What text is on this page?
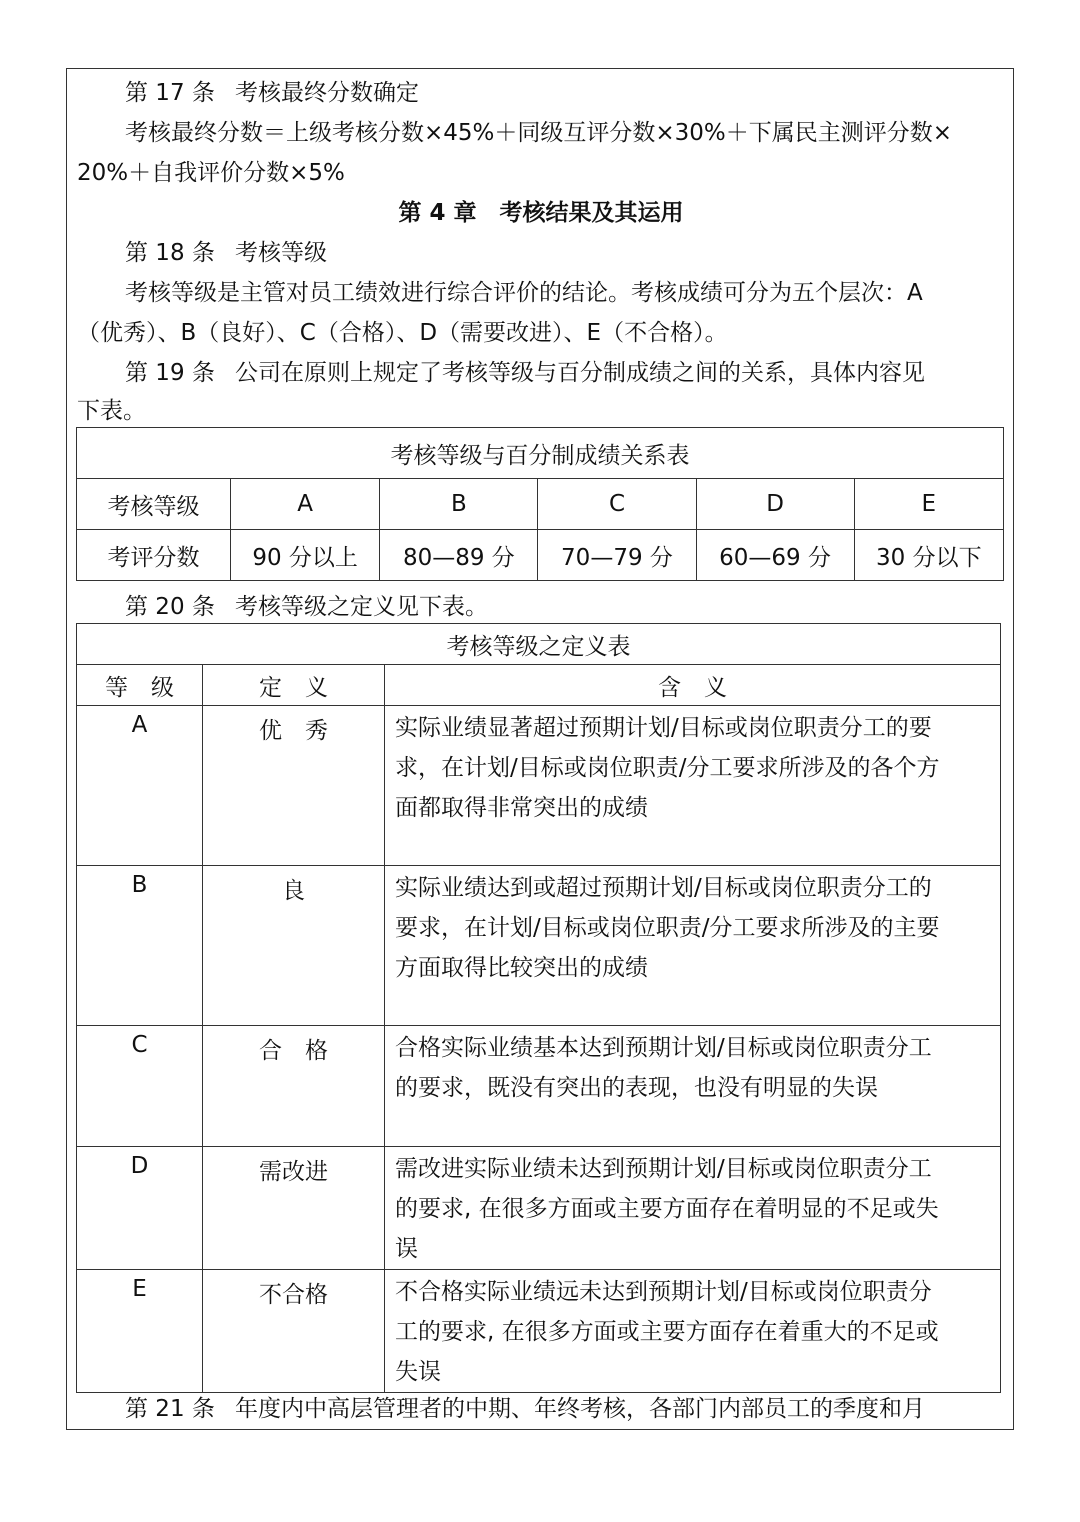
第 17 条 考核最终分数确定
考核最终分数＝上级考核分数×45%＋同级互评分数×30%＋下属民主测评分数×
20%＋自我评价分数×5%
第 4 章　考核结果及其运用
第 18 条 考核等级
考核等级是主管对员工绩效进行综合评价的结论。考核成绩可分为五个层次：A
（优秀）、B（良好）、C（合格）、D（需要改进）、E（不合格）。
第 19 条 公司在原则上规定了考核等级与百分制成绩之间的关系，具体内容见
下表。
考核等级与百分制成绩关系表					
考核等级	A	B	C	D	E
考评分数	90 分以上	80—89 分	70—79 分	60—69 分	30 分以下
第 20 条 考核等级之定义见下表。
考核等级之定义表		
等　级	定　义	含　义
A	优　秀	实际业绩显著超过预期计划/目标或岗位职责分工的要
求，在计划/目标或岗位职责/分工要求所涉及的各个方
面都取得非常突出的成绩

B	良	实际业绩达到或超过预期计划/目标或岗位职责分工的
要求，在计划/目标或岗位职责/分工要求所涉及的主要
方面取得比较突出的成绩

C	合　格	合格实际业绩基本达到预期计划/目标或岗位职责分工
的要求，既没有突出的表现，也没有明显的失误

D	需改进	需改进实际业绩未达到预期计划/目标或岗位职责分工
的要求, 在很多方面或主要方面存在着明显的不足或失
误

E	不合格	不合格实际业绩远未达到预期计划/目标或岗位职责分
工的要求, 在很多方面或主要方面存在着重大的不足或
失误
第 21 条 年度内中高层管理者的中期、年终考核，各部门内部员工的季度和月
